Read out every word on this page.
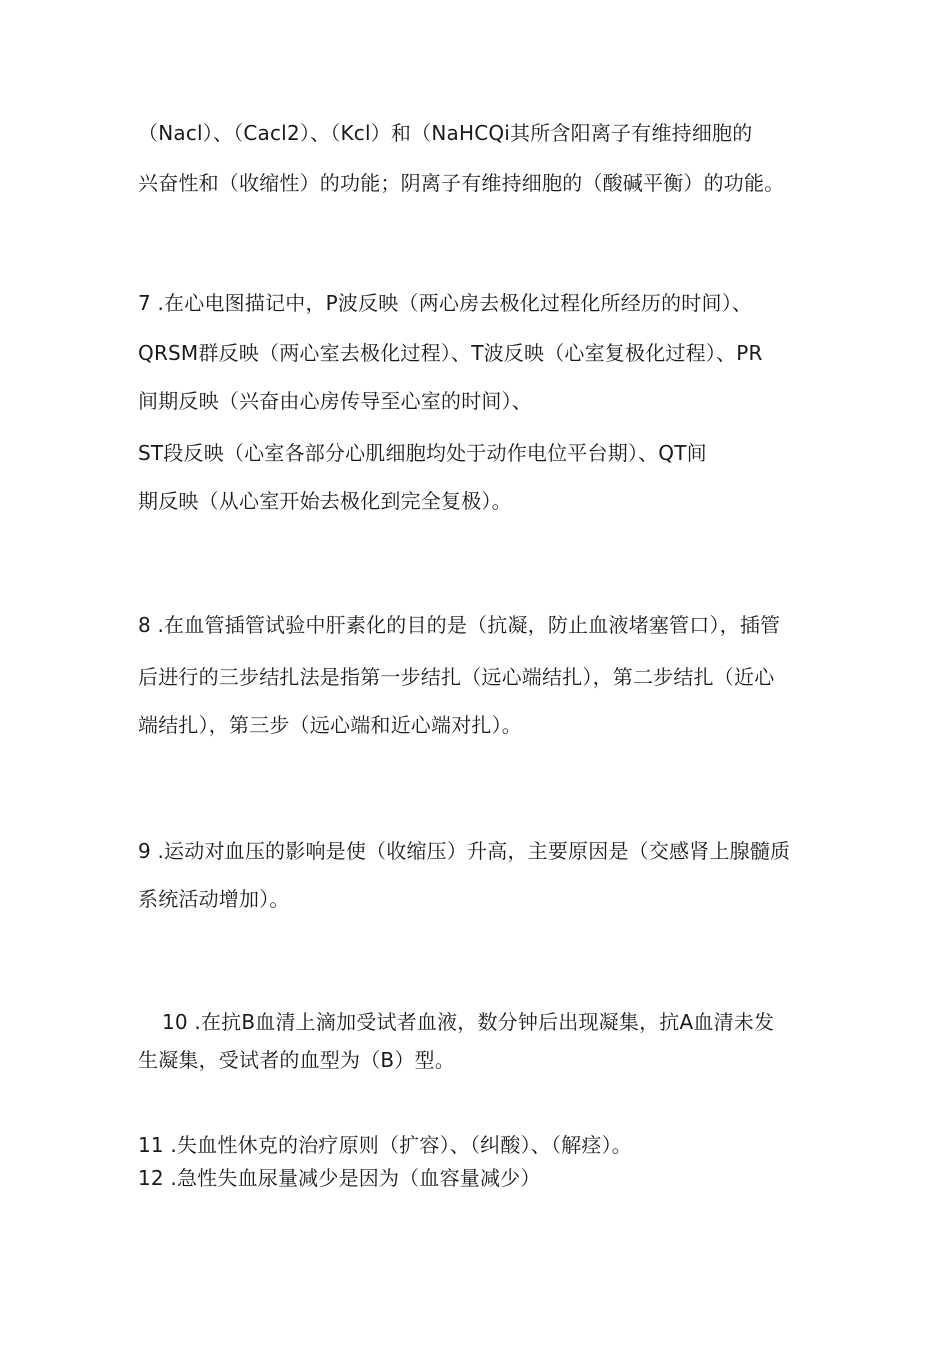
（Nacl）、（Cacl2）、（Kcl）和（NaHCQi其所含阳离子有维持细胞的
兴奋性和（收缩性）的功能；阴离子有维持细胞的（酸碱平衡）的功能。
7 .在心电图描记中，P波反映（两心房去极化过程化所经历的时间）、
QRSM群反映（两心室去极化过程）、T波反映（心室复极化过程）、PR
间期反映（兴奋由心房传导至心室的时间）、
ST段反映（心室各部分心肌细胞均处于动作电位平台期）、QT间
期反映（从心室开始去极化到完全复极）。
8 .在血管插管试验中肝素化的目的是（抗凝，防止血液堵塞管口），插管
后进行的三步结扎法是指第一步结扎（远心端结扎），第二步结扎（近心
端结扎），第三步（远心端和近心端对扎）。
9 .运动对血压的影响是使（收缩压）升高，主要原因是（交感肾上腺髓质
系统活动增加）。
10 .在抗B血清上滴加受试者血液，数分钟后出现凝集，抗A血清未发
生凝集，受试者的血型为（B）型。
11 .失血性休克的治疗原则（扩容）、（纠酸）、（解痉）。
12 .急性失血尿量减少是因为（血容量减少）
